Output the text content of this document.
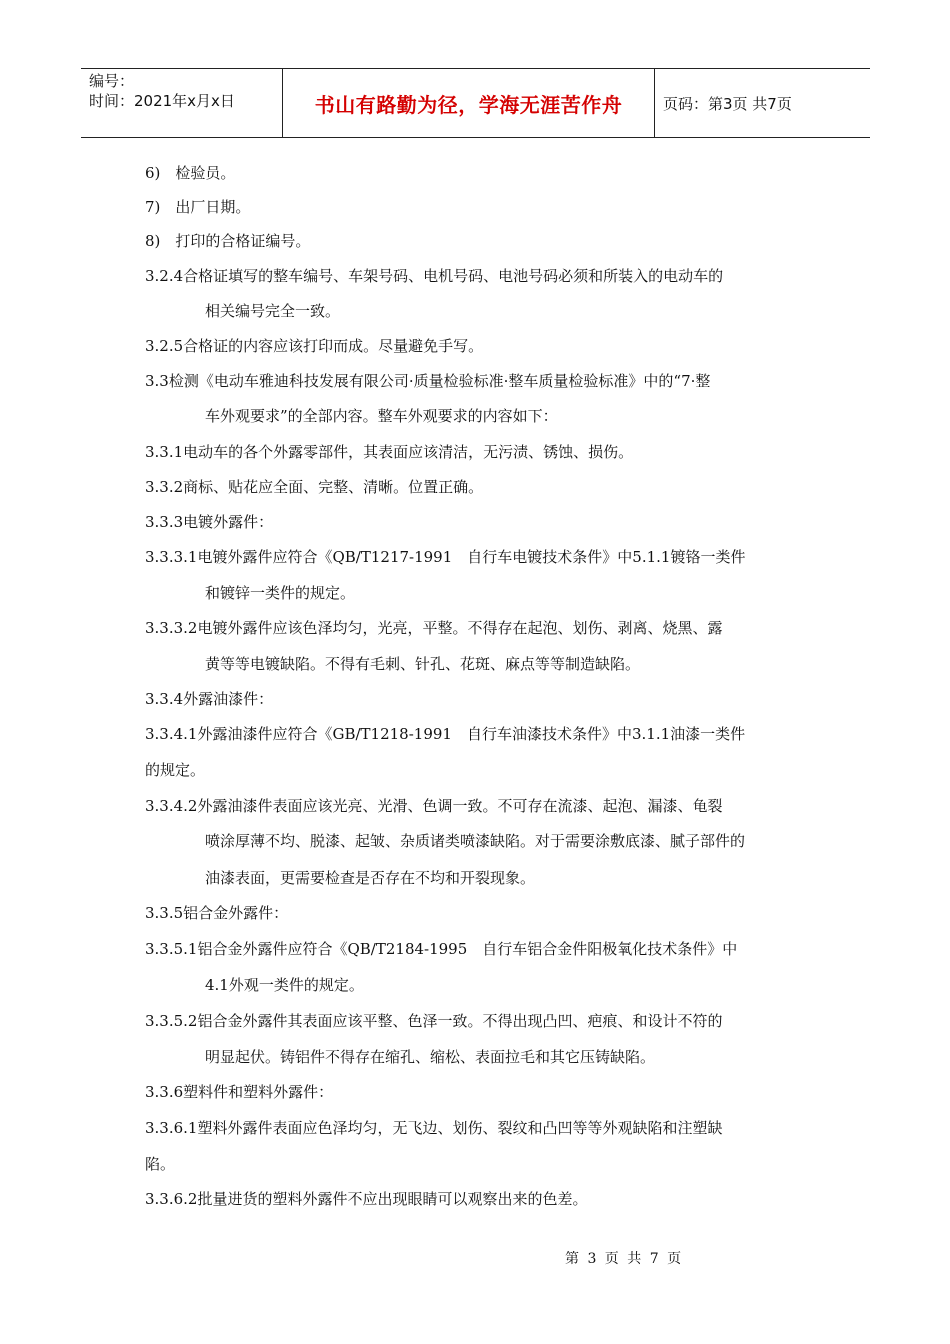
编号：
时间：2021年x月x日	书山有路勤为径，学海无涯苦作舟	页码：第3页 共7页
6)　检验员。
7)　出厂日期。
8)　打印的合格证编号。
3.2.4合格证填写的整车编号、车架号码、电机号码、电池号码必须和所装入的电动车的
相关编号完全一致。
3.2.5合格证的内容应该打印而成。尽量避免手写。
3.3检测《电动车雅迪科技发展有限公司·质量检验标准·整车质量检验标准》中的“7·整
车外观要求”的全部内容。整车外观要求的内容如下：
3.3.1电动车的各个外露零部件，其表面应该清洁，无污渍、锈蚀、损伤。
3.3.2商标、贴花应全面、完整、清晰。位置正确。
3.3.3电镀外露件：
3.3.3.1电镀外露件应符合《QB/T1217-1991　自行车电镀技术条件》中5.1.1镀铬一类件
和镀锌一类件的规定。
3.3.3.2电镀外露件应该色泽均匀，光亮，平整。不得存在起泡、划伤、剥离、烧黑、露
黄等等电镀缺陷。不得有毛刺、针孔、花斑、麻点等等制造缺陷。
3.3.4外露油漆件：
3.3.4.1外露油漆件应符合《GB/T1218-1991　自行车油漆技术条件》中3.1.1油漆一类件
的规定。
3.3.4.2外露油漆件表面应该光亮、光滑、色调一致。不可存在流漆、起泡、漏漆、龟裂
喷涂厚薄不均、脱漆、起皱、杂质诸类喷漆缺陷。对于需要涂敷底漆、腻子部件的
油漆表面，更需要检查是否存在不均和开裂现象。
3.3.5铝合金外露件：
3.3.5.1铝合金外露件应符合《QB/T2184-1995　自行车铝合金件阳极氧化技术条件》中
4.1外观一类件的规定。
3.3.5.2铝合金外露件其表面应该平整、色泽一致。不得出现凸凹、疤痕、和设计不符的
明显起伏。铸铝件不得存在缩孔、缩松、表面拉毛和其它压铸缺陷。
3.3.6塑料件和塑料外露件：
3.3.6.1塑料外露件表面应色泽均匀，无飞边、划伤、裂纹和凸凹等等外观缺陷和注塑缺
陷。
3.3.6.2批量进货的塑料外露件不应出现眼睛可以观察出来的色差。
第 3 页 共 7 页
